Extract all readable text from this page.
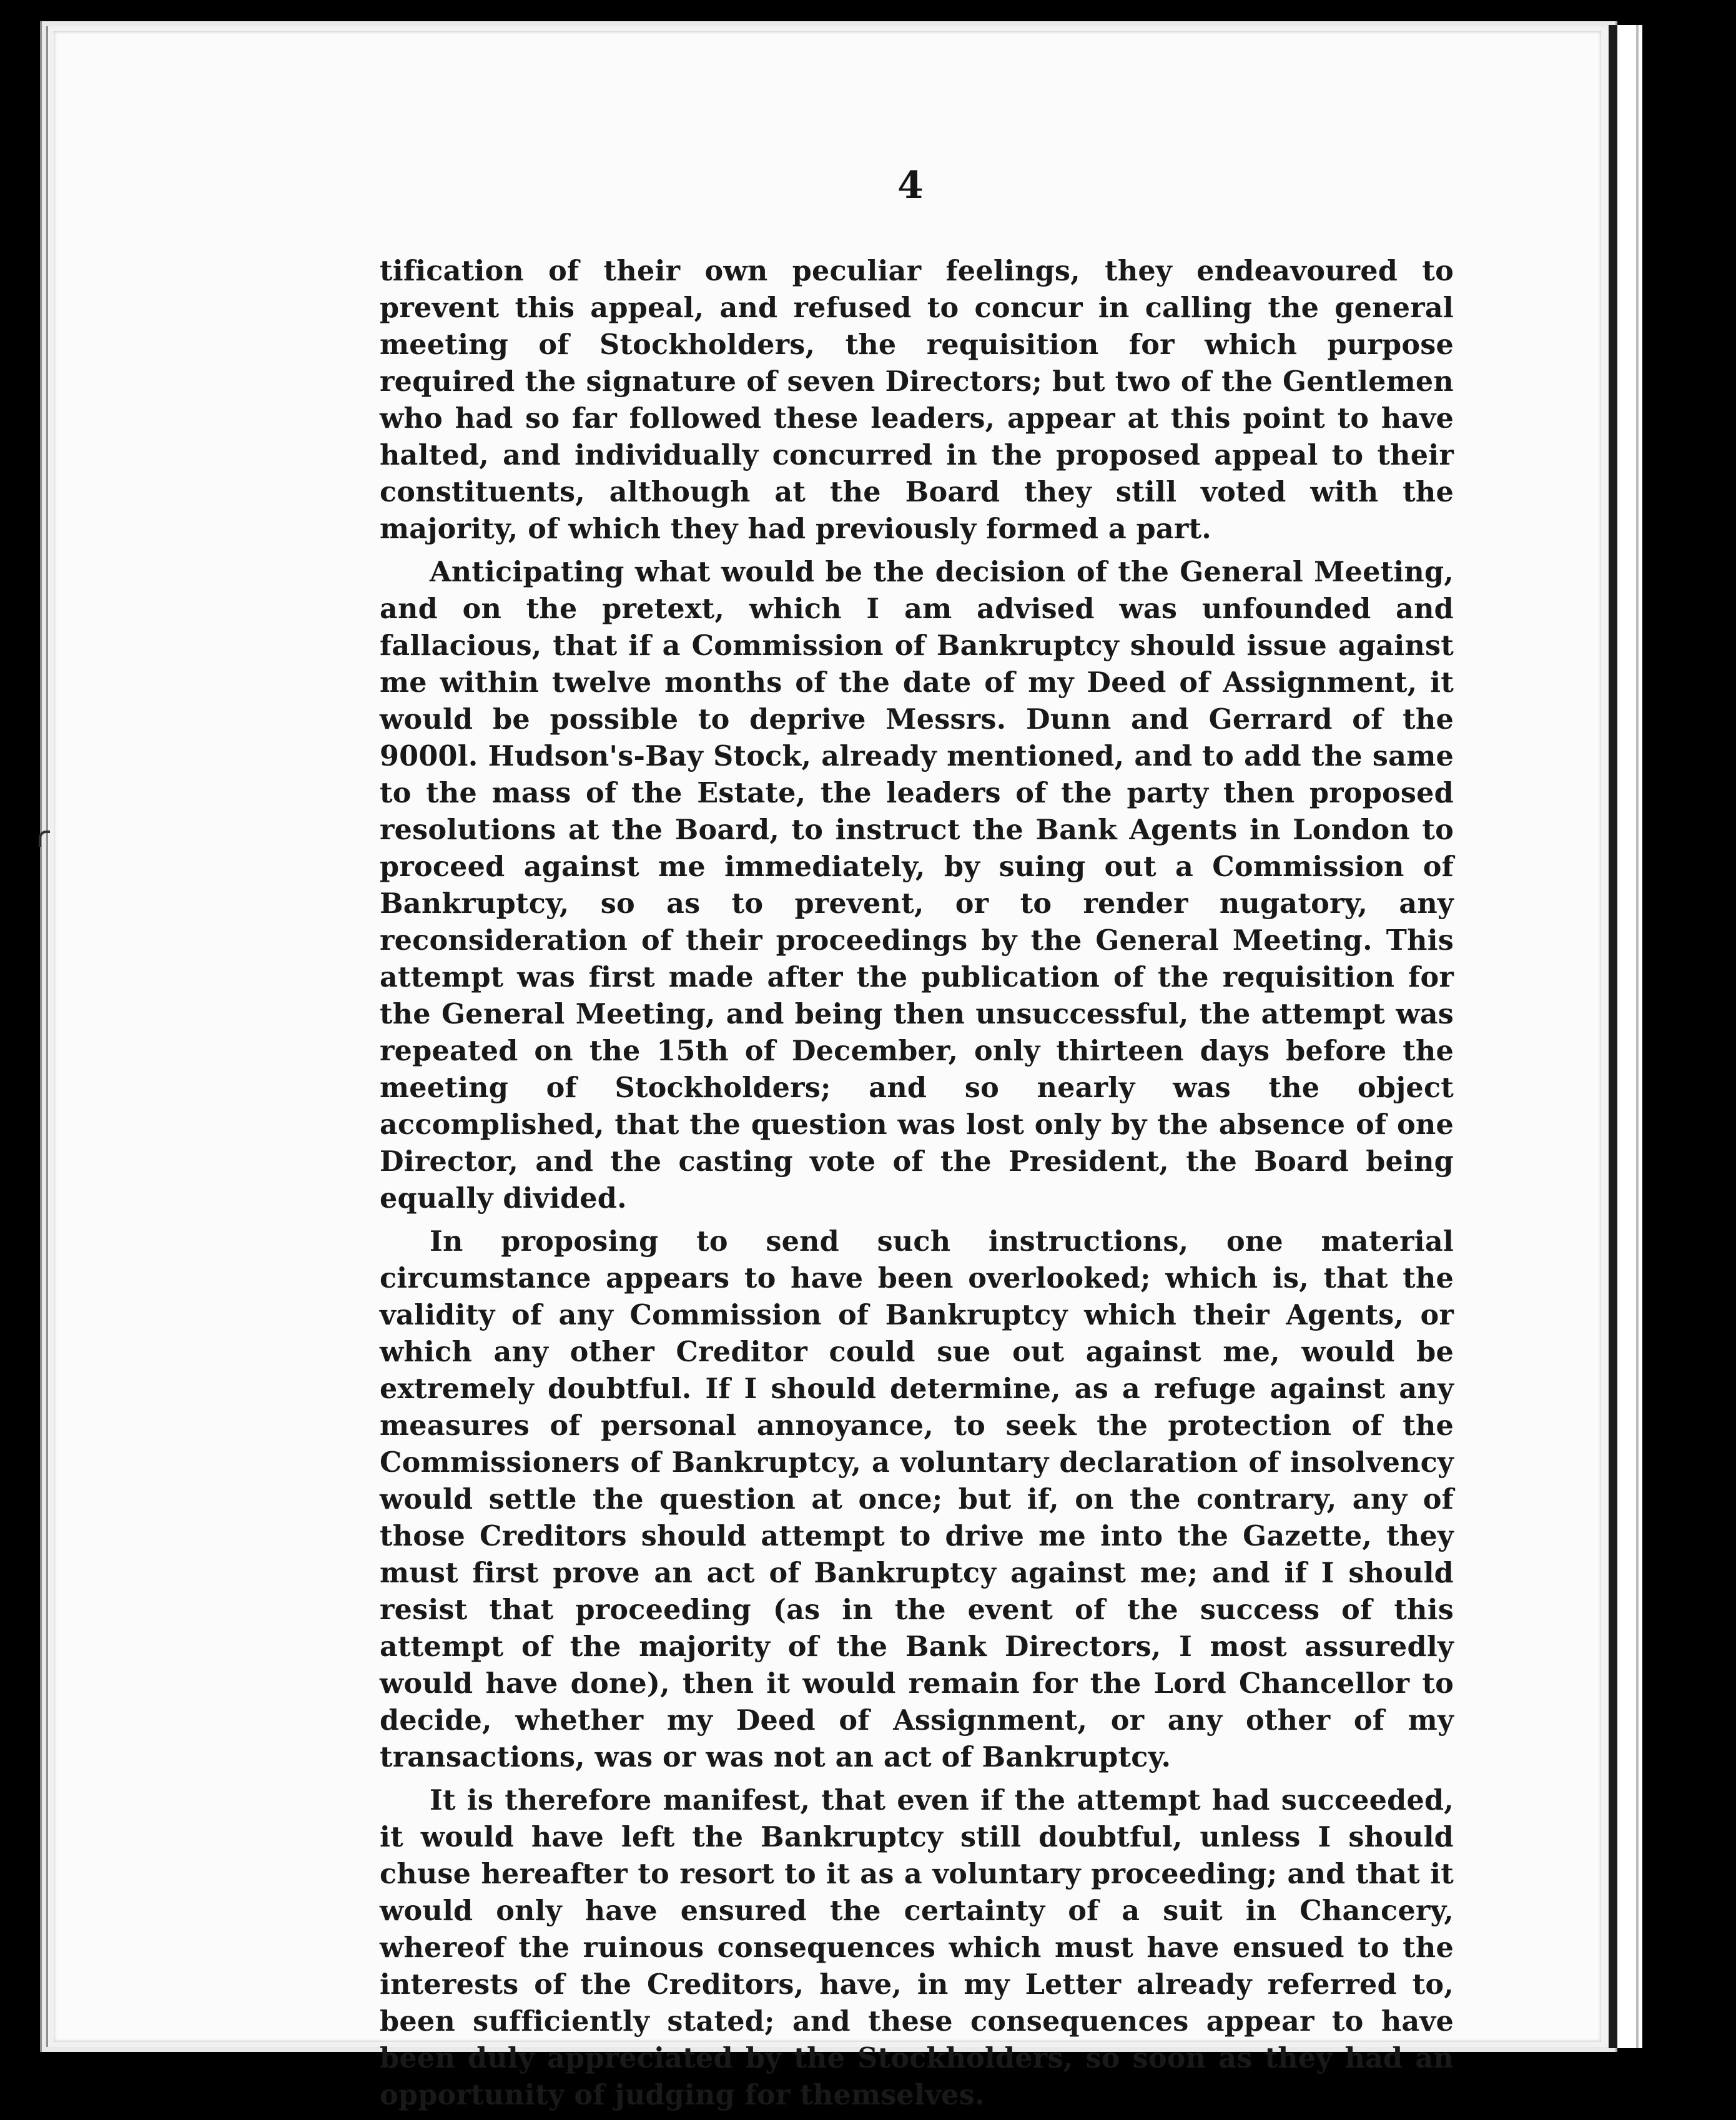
4

tification of their own peculiar feelings, they endeavoured to prevent this appeal, and refused to concur in calling the general meeting of Stockholders, the requisition for which purpose required the signature of seven Directors; but two of the Gentlemen who had so far followed these leaders, appear at this point to have halted, and individually concurred in the proposed appeal to their constituents, although at the Board they still voted with the majority, of which they had previously formed a part.

Anticipating what would be the decision of the General Meeting, and on the pretext, which I am advised was unfounded and fallacious, that if a Commission of Bankruptcy should issue against me within twelve months of the date of my Deed of Assignment, it would be possible to deprive Messrs. Dunn and Gerrard of the 9000l. Hudson's-Bay Stock, already mentioned, and to add the same to the mass of the Estate, the leaders of the party then proposed resolutions at the Board, to instruct the Bank Agents in London to proceed against me immediately, by suing out a Commission of Bankruptcy, so as to prevent, or to render nugatory, any reconsideration of their proceedings by the General Meeting. This attempt was first made after the publication of the requisition for the General Meeting, and being then unsuccessful, the attempt was repeated on the 15th of December, only thirteen days before the meeting of Stockholders; and so nearly was the object accomplished, that the question was lost only by the absence of one Director, and the casting vote of the President, the Board being equally divided.

In proposing to send such instructions, one material circumstance appears to have been overlooked; which is, that the validity of any Commission of Bankruptcy which their Agents, or which any other Creditor could sue out against me, would be extremely doubtful. If I should determine, as a refuge against any measures of personal annoyance, to seek the protection of the Commissioners of Bankruptcy, a voluntary declaration of insolvency would settle the question at once; but if, on the contrary, any of those Creditors should attempt to drive me into the Gazette, they must first prove an act of Bankruptcy against me; and if I should resist that proceeding (as in the event of the success of this attempt of the majority of the Bank Directors, I most assuredly would have done), then it would remain for the Lord Chancellor to decide, whether my Deed of Assignment, or any other of my transactions, was or was not an act of Bankruptcy.

It is therefore manifest, that even if the attempt had succeeded, it would have left the Bankruptcy still doubtful, unless I should chuse hereafter to resort to it as a voluntary proceeding; and that it would only have ensured the certainty of a suit in Chancery, whereof the ruinous consequences which must have ensued to the interests of the Creditors, have, in my Letter already referred to, been sufficiently stated; and these consequences appear to have been duly appreciated by the Stockholders, so soon as they had an opportunity of judging for themselves.
